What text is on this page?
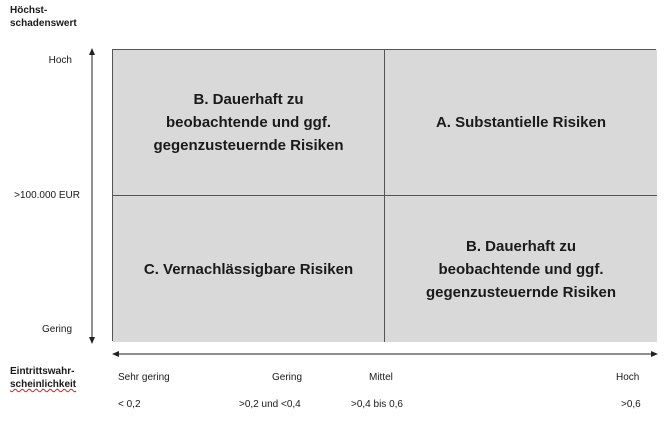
Höchst-
schadenswert
Hoch
>100.000 EUR
Gering
B. Dauerhaft zu
beobachtende und ggf.
gegenzusteuernde Risiken
A. Substantielle Risiken
C. Vernachlässigbare Risiken
B. Dauerhaft zu
beobachtende und ggf.
gegenzusteuernde Risiken
Eintrittswahr-
scheinlichkeit
Sehr gering	Gering	Mittel	Hoch
< 0,2	>0,2 und <0,4	>0,4 bis 0,6	>0,6
